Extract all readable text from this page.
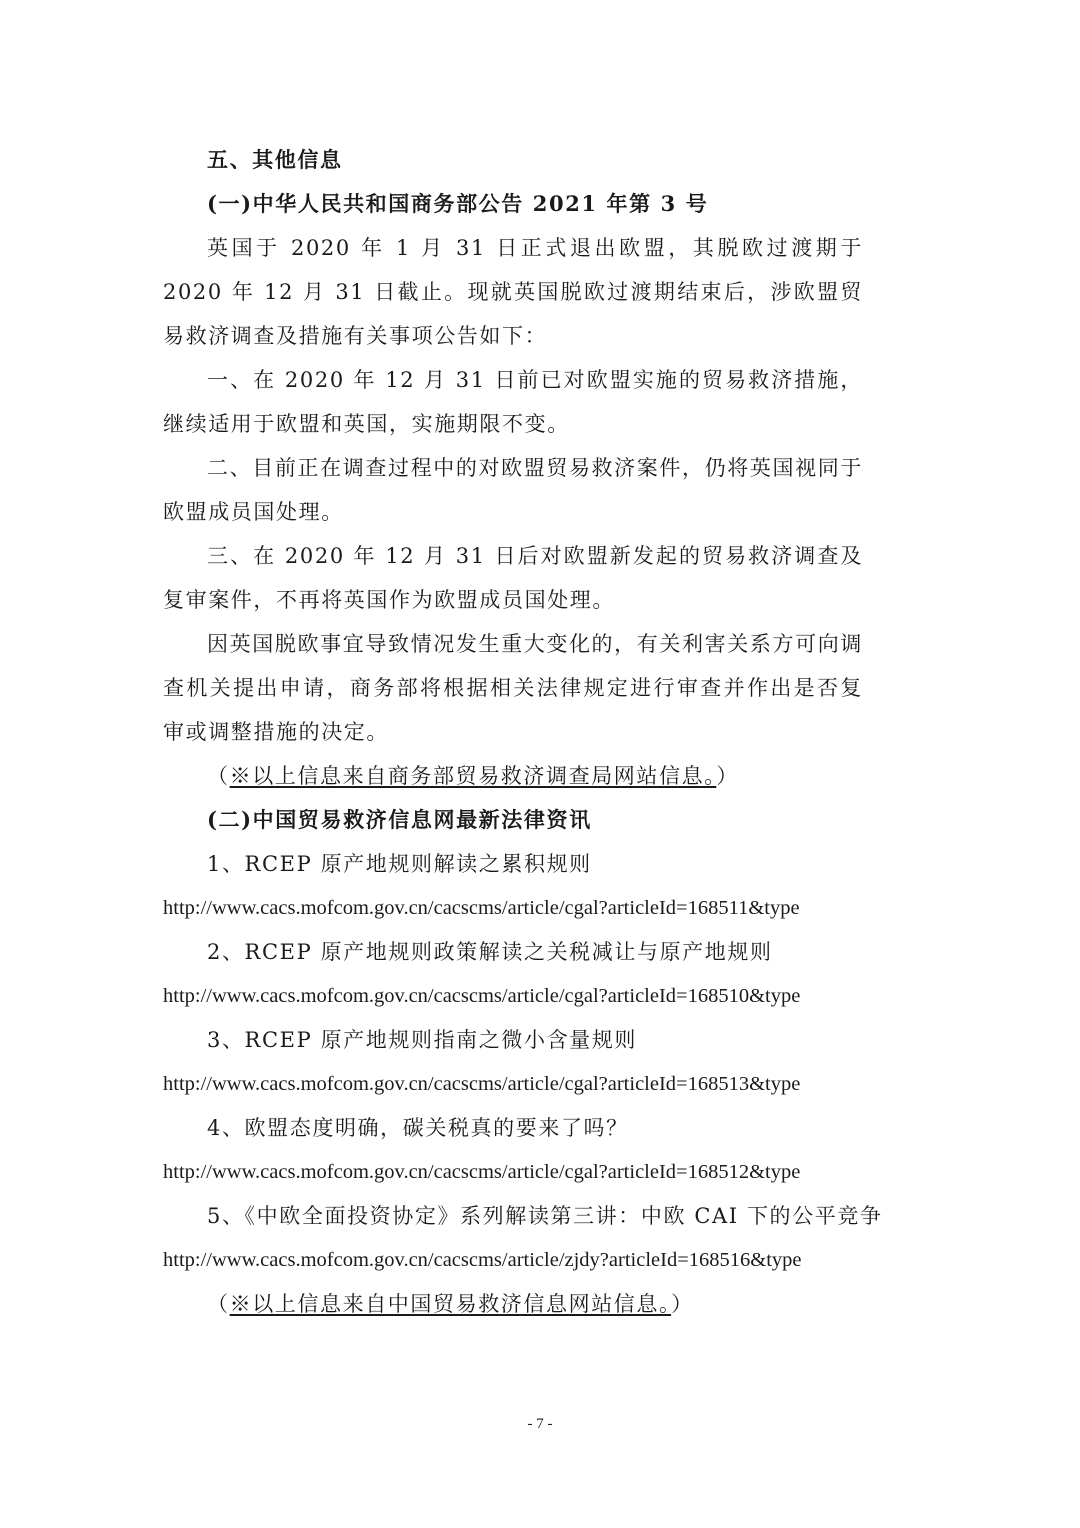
五、其他信息
(一)中华人民共和国商务部公告 2021 年第 3 号

英国于 2020 年 1 月 31 日正式退出欧盟，其脱欧过渡期于 2020 年 12 月 31 日截止。现就英国脱欧过渡期结束后，涉欧盟贸易救济调查及措施有关事项公告如下：

一、在 2020 年 12 月 31 日前已对欧盟实施的贸易救济措施，继续适用于欧盟和英国，实施期限不变。

二、目前正在调查过程中的对欧盟贸易救济案件，仍将英国视同于欧盟成员国处理。

三、在 2020 年 12 月 31 日后对欧盟新发起的贸易救济调查及复审案件，不再将英国作为欧盟成员国处理。

因英国脱欧事宜导致情况发生重大变化的，有关利害关系方可向调查机关提出申请，商务部将根据相关法律规定进行审查并作出是否复审或调整措施的决定。

（※以上信息来自商务部贸易救济调查局网站信息。）
(二)中国贸易救济信息网最新法律资讯
1、RCEP 原产地规则解读之累积规则
http://www.cacs.mofcom.gov.cn/cacscms/article/cgal?articleId=168511&type
2、RCEP 原产地规则政策解读之关税减让与原产地规则
http://www.cacs.mofcom.gov.cn/cacscms/article/cgal?articleId=168510&type
3、RCEP 原产地规则指南之微小含量规则
http://www.cacs.mofcom.gov.cn/cacscms/article/cgal?articleId=168513&type
4、欧盟态度明确，碳关税真的要来了吗？
http://www.cacs.mofcom.gov.cn/cacscms/article/cgal?articleId=168512&type
5、《中欧全面投资协定》系列解读第三讲：中欧 CAI 下的公平竞争
http://www.cacs.mofcom.gov.cn/cacscms/article/zjdy?articleId=168516&type
（※以上信息来自中国贸易救济信息网站信息。）
- 7 -
